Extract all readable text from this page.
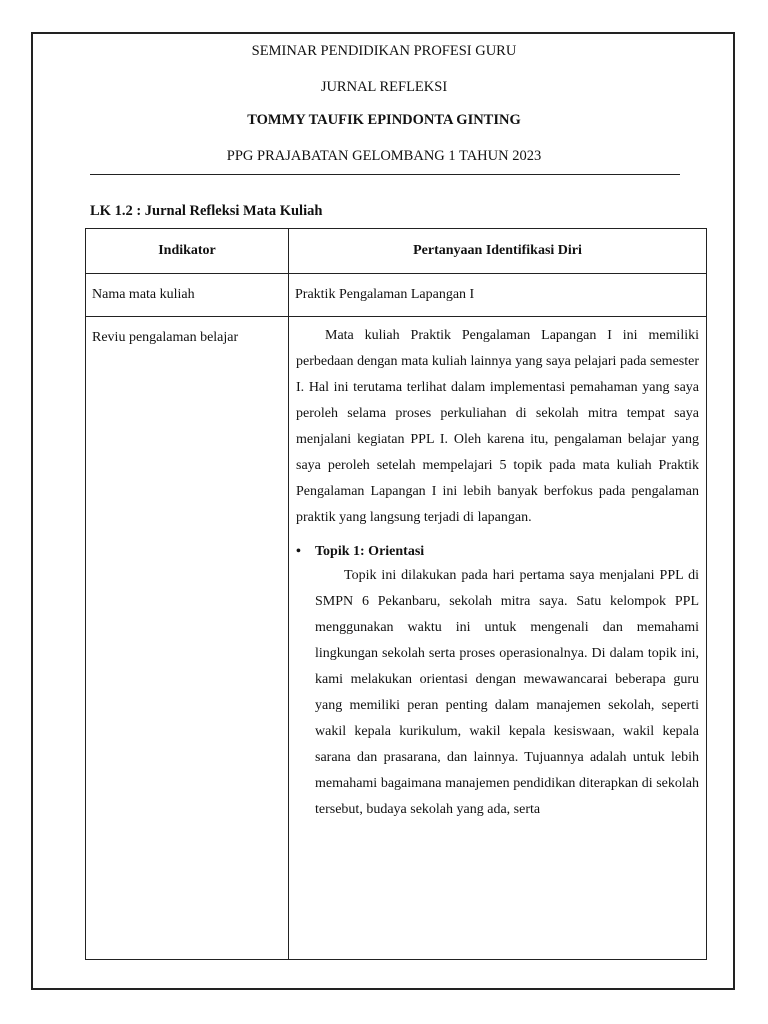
SEMINAR PENDIDIKAN PROFESI GURU
JURNAL REFLEKSI
TOMMY TAUFIK EPINDONTA GINTING
PPG PRAJABATAN GELOMBANG 1 TAHUN 2023
LK 1.2 : Jurnal Refleksi Mata Kuliah
Indikator	Pertanyaan Identifikasi Diri
Nama mata kuliah	Praktik Pengalaman Lapangan I
Reviu pengalaman belajar	Mata kuliah Praktik Pengalaman Lapangan I ini memiliki perbedaan dengan mata kuliah lainnya yang saya pelajari pada semester I. Hal ini terutama terlihat dalam implementasi pemahaman yang saya peroleh selama proses perkuliahan di sekolah mitra tempat saya menjalani kegiatan PPL I. Oleh karena itu, pengalaman belajar yang saya peroleh setelah mempelajari 5 topik pada mata kuliah Praktik Pengalaman Lapangan I ini lebih banyak berfokus pada pengalaman praktik yang langsung terjadi di lapangan.

• Topik 1: Orientasi

Topik ini dilakukan pada hari pertama saya menjalani PPL di SMPN 6 Pekanbaru, sekolah mitra saya. Satu kelompok PPL menggunakan waktu ini untuk mengenali dan memahami lingkungan sekolah serta proses operasionalnya. Di dalam topik ini, kami melakukan orientasi dengan mewawancarai beberapa guru yang memiliki peran penting dalam manajemen sekolah, seperti wakil kepala kurikulum, wakil kepala kesiswaan, wakil kepala sarana dan prasarana, dan lainnya. Tujuannya adalah untuk lebih memahami bagaimana manajemen pendidikan diterapkan di sekolah tersebut, budaya sekolah yang ada, serta
